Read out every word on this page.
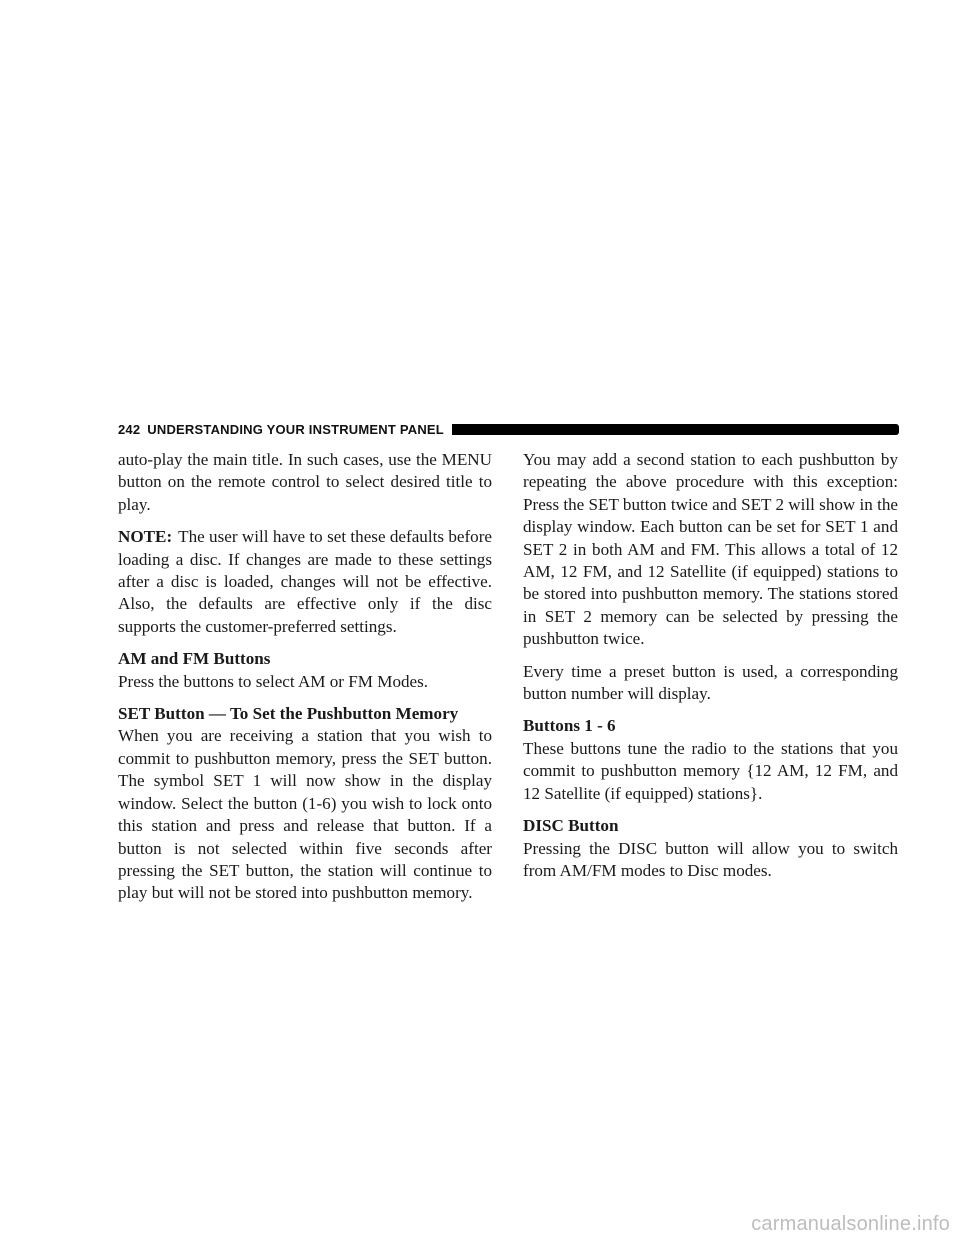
242 UNDERSTANDING YOUR INSTRUMENT PANEL

auto-play the main title. In such cases, use the MENU button on the remote control to select desired title to play.

NOTE: The user will have to set these defaults before loading a disc. If changes are made to these settings after a disc is loaded, changes will not be effective. Also, the defaults are effective only if the disc supports the customer-preferred settings.

AM and FM Buttons
Press the buttons to select AM or FM Modes.

SET Button — To Set the Pushbutton Memory
When you are receiving a station that you wish to commit to pushbutton memory, press the SET button. The symbol SET 1 will now show in the display window. Select the button (1-6) you wish to lock onto this station and press and release that button. If a button is not selected within five seconds after pressing the SET button, the station will continue to play but will not be stored into pushbutton memory.

You may add a second station to each pushbutton by repeating the above procedure with this exception: Press the SET button twice and SET 2 will show in the display window. Each button can be set for SET 1 and SET 2 in both AM and FM. This allows a total of 12 AM, 12 FM, and 12 Satellite (if equipped) stations to be stored into pushbutton memory. The stations stored in SET 2 memory can be selected by pressing the pushbutton twice.

Every time a preset button is used, a corresponding button number will display.

Buttons 1 - 6
These buttons tune the radio to the stations that you commit to pushbutton memory {12 AM, 12 FM, and 12 Satellite (if equipped) stations}.

DISC Button
Pressing the DISC button will allow you to switch from AM/FM modes to Disc modes.

carmanualsonline.info
